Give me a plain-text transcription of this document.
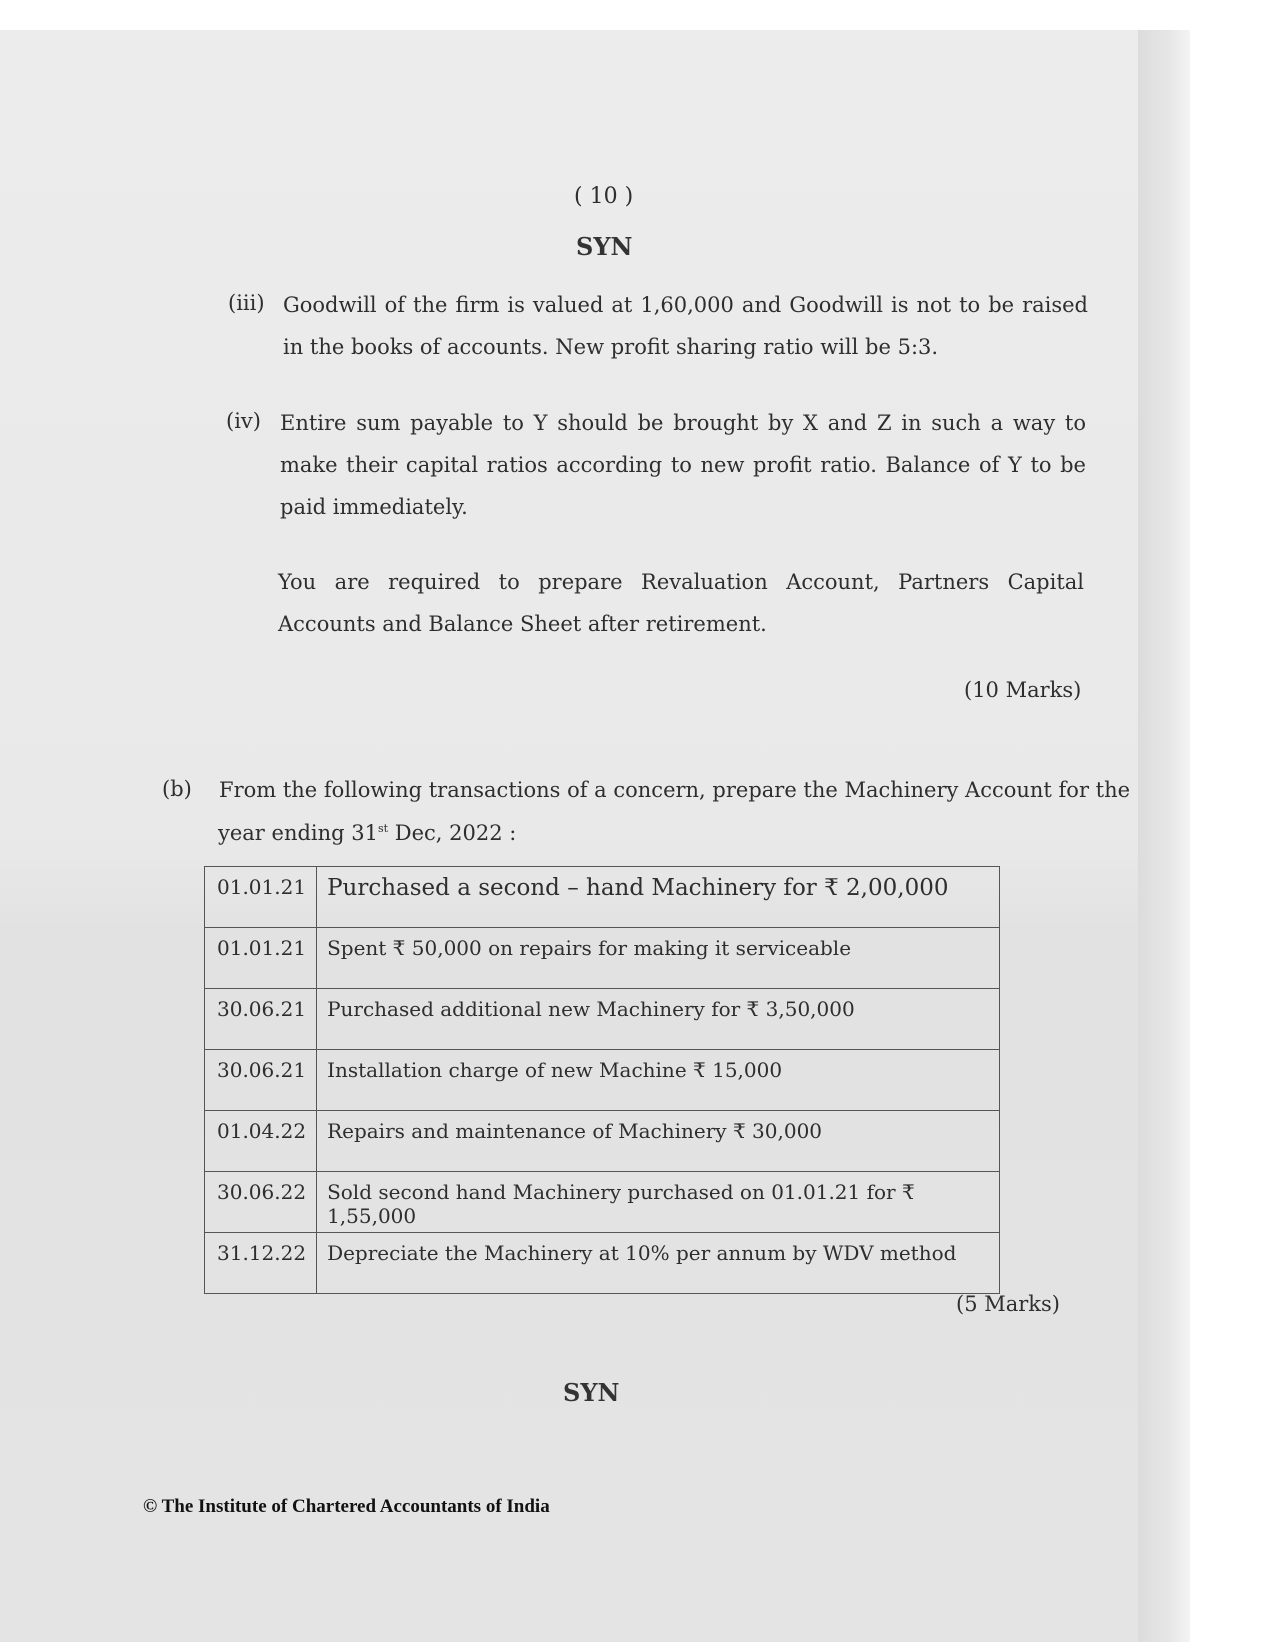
( 10 )
SYN
(iii) Goodwill of the firm is valued at 1,60,000 and Goodwill is not to be raised in the books of accounts. New profit sharing ratio will be 5:3.
(iv) Entire sum payable to Y should be brought by X and Z in such a way to make their capital ratios according to new profit ratio. Balance of Y to be paid immediately.
You are required to prepare Revaluation Account, Partners Capital Accounts and Balance Sheet after retirement.
(10 Marks)
(b) From the following transactions of a concern, prepare the Machinery Account for the
year ending 31st Dec, 2022 :
01.01.21	Purchased a second – hand Machinery for ₹ 2,00,000
01.01.21	Spent ₹ 50,000 on repairs for making it serviceable
30.06.21	Purchased additional new Machinery for ₹ 3,50,000
30.06.21	Installation charge of new Machine ₹ 15,000
01.04.22	Repairs and maintenance of Machinery ₹ 30,000
30.06.22	Sold second hand Machinery purchased on 01.01.21 for ₹ 1,55,000
31.12.22	Depreciate the Machinery at 10% per annum by WDV method
(5 Marks)
SYN
© The Institute of Chartered Accountants of India
